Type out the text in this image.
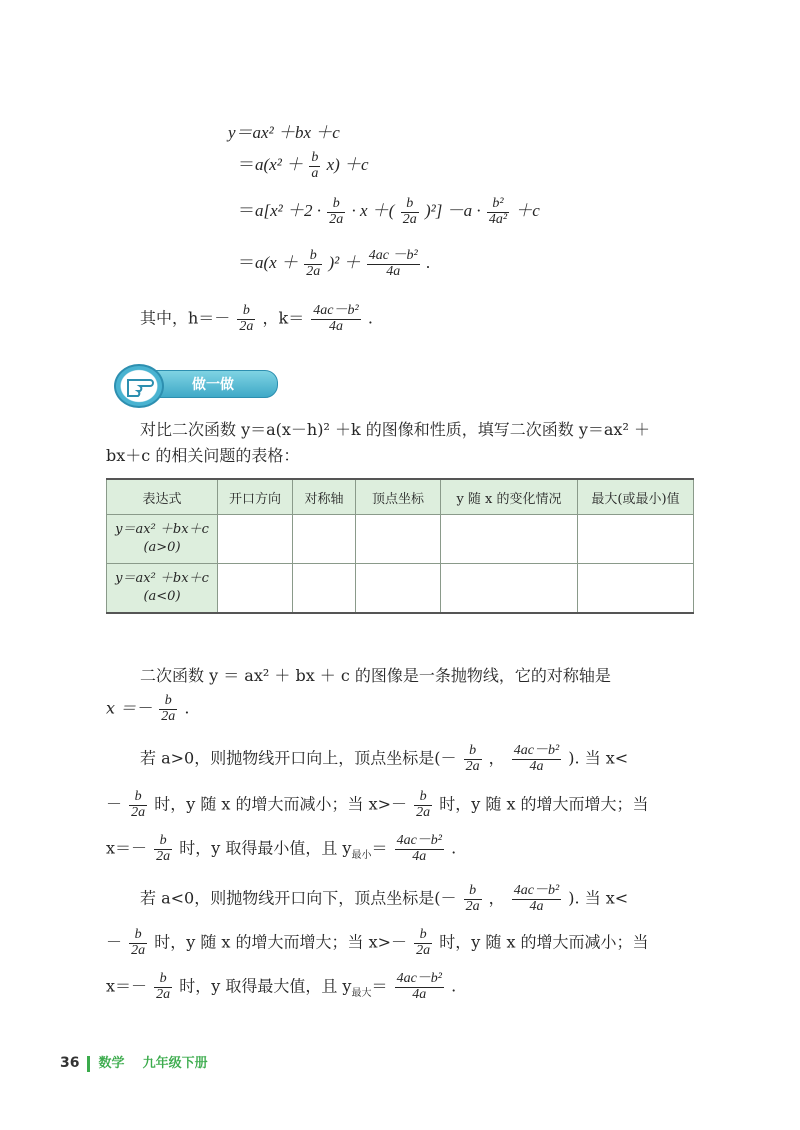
y＝ax² ＋bx ＋c
$=a(x^2 + \frac{b}{a} x) +c$
$=a[x^2 +2 \cdot \frac{b}{2a} \cdot x$ ＋( $\frac{b}{2a} )^2] -a \cdot \frac{\text{b²}}{\text{4a²}} +c$
$=a(x + \frac{b}{2a} )^2 + \frac{\text{4ac －b²}}{4a}$ .
其中，$h=- \frac{b}{2a}$ ，$k= \frac{\text{4ac－b²}}{4a}$ .
做一做
对比二次函数 y＝a(x－h)² ＋k 的图像和性质，填写二次函数 y＝ax² ＋
bx＋c 的相关问题的表格：
表达式	开口方向	对称轴	顶点坐标	y 随 x 的变化情况	最大(或最小)值

y＝ax² ＋bx＋c
(a>0)					

y＝ax² ＋bx＋c
(a<0)					

二次函数 y ＝ ax² ＋ bx ＋ c 的图像是一条抛物线，它的对称轴是
$x =- \frac{b}{2a}$ .
若 a>0，则抛物线开口向上，顶点坐标是(－ $\frac{b}{2a}$ ， $\frac{\text{4ac－b²}}{4a}$ ). 当 x<
－ $\frac{b}{2a}$ 时，y 随 x 的增大而减小；当 $x>- \frac{b}{2a}$ 时，y 随 x 的增大而增大；当
$x=- \frac{b}{2a}$ 时，y 取得最小值，且 $y_{最小}= \frac{\text{4ac－b²}}{4a}$ .
若 a<0，则抛物线开口向下，顶点坐标是(－ $\frac{b}{2a}$ ， $\frac{\text{4ac－b²}}{4a}$ ). 当 x<
－ $\frac{b}{2a}$ 时，y 随 x 的增大而增大；当 $x>- \frac{b}{2a}$ 时，y 随 x 的增大而减小；当
$x=- \frac{b}{2a}$ 时，y 取得最大值，且 $y_{最大}= \frac{\text{4ac－b²}}{4a}$ .
36 数学 九年级下册
